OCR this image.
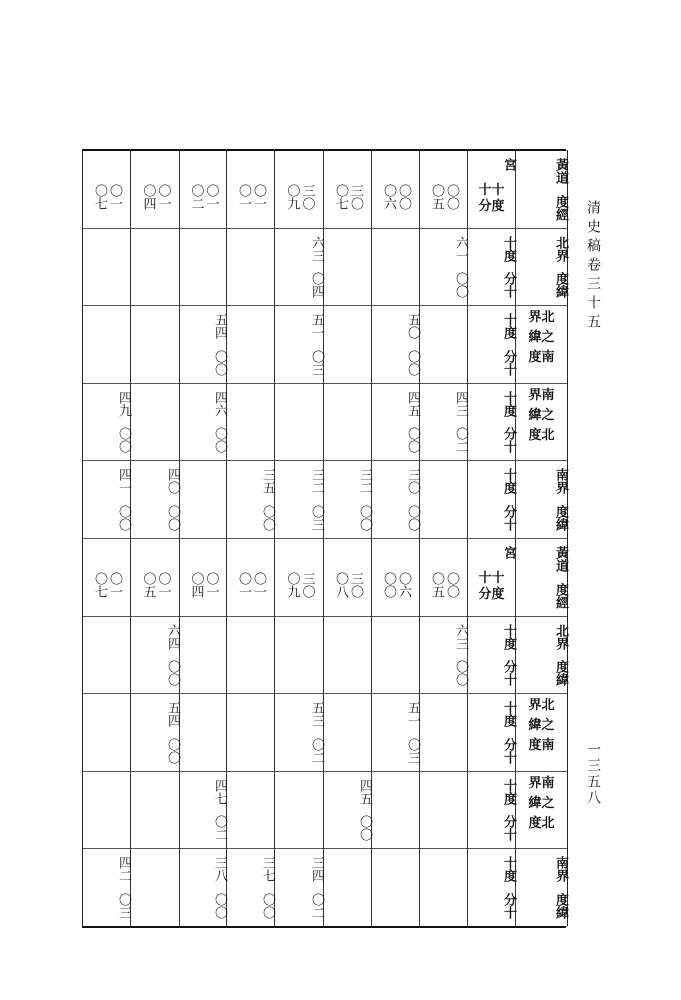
〇七 〇一 〇四 〇一 〇二 〇一 〇一 〇一 〇九 三〇 〇七 三〇 〇六 〇〇 〇五 〇〇
宮
十十
分度
黃道
度經
六三
〇四
六一
〇〇
十度
分十
北界
度緯
五四
〇〇
五一
〇三
五〇
〇〇
十度
分十
界北
緯之
度南
四九
〇〇
四六
〇〇
四五
〇〇
四三
〇二
十度
分十
界南
緯之
度北
四一
〇〇
四〇
〇〇
三五
〇〇
三二
〇三
三二
〇〇
三〇
〇〇
十度
分十
南界
度緯
〇七 〇一 〇五 〇一 〇四 〇一 〇一 〇一 〇九 三〇 〇八 三〇 〇〇 〇六 〇五 〇〇
宮
十十
分度
黃道
度經
六四
〇〇
六三
〇〇
十度
分十
北界
度緯
五四
〇〇
五三
〇二
五一
〇三
十度
分十
界北
緯之
度南
四七
〇二
四五
〇〇
十度
分十
界南
緯之
度北
四二
〇三
三八
〇〇
三七
〇〇
三四
〇二
十度
分十
南界
度緯
清史稿卷三十五
一三五八
